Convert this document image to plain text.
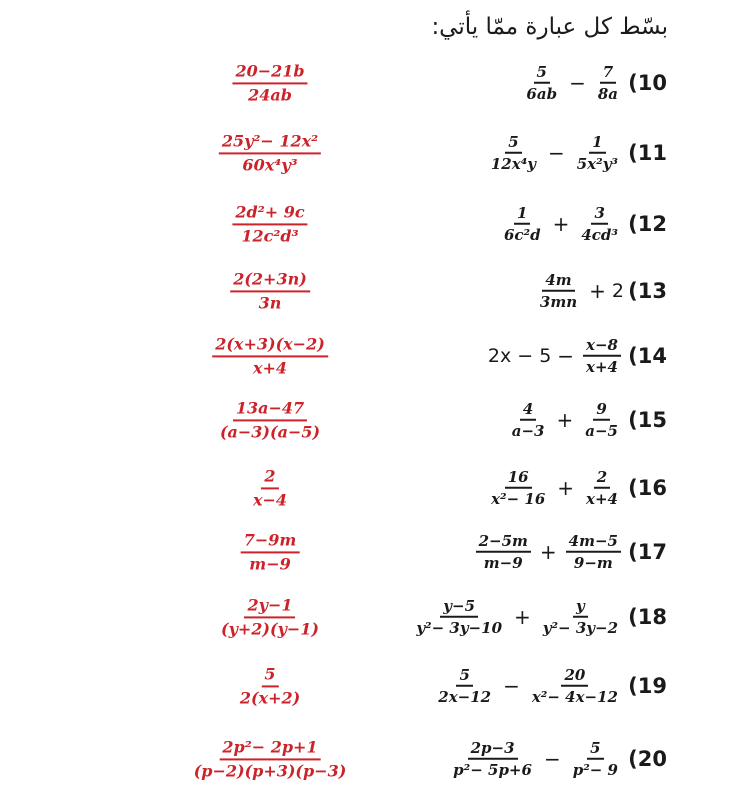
بسّط كل عبارة ممّا يأتي:
$\frac{20-21b}{24ab}$	$\frac{5}{6ab} - \frac{7}{8a} (10$
$\frac{\text{25y²− 12x²}}{\text{60x⁴y³}}$	$\frac{5}{\text{12x⁴y}} - \frac{1}{\text{5x²y³}} (11$
$\frac{\text{2d²+ 9c}}{\text{12c²d³}}$	$\frac{1}{\text{6c²d}} + \frac{3}{\text{4cd³}} (12$
$\frac{2(2+3n)}{3n}$	$\frac{4m}{3mn} + 2$ (13
$\frac{2(x+3)(x-2)}{x+4}$	$2x - 5 - \frac{x-8}{x+4} (14$
$\frac{13a-47}{(a-3)(a-5)}$	$\frac{4}{a-3} + \frac{9}{a-5} (15$
$\frac{2}{x-4}$	$\frac{16}{\text{x²− 16}} + \frac{2}{x+4} (16$
$\frac{7-9m}{m-9}$	$\frac{2-5m}{m-9} + \frac{4m-5}{9-m} (17$
$\frac{2y-1}{(y+2)(y-1)}$	$\frac{y-5}{\text{y²− 3y−10}} + \frac{y}{\text{y²− 3y−2}} (18$
$\frac{5}{2(x+2)}$	$\frac{5}{2x-12} - \frac{20}{\text{x²− 4x−12}} (19$
$\frac{\text{2p²− 2p+1}}{(p-2)(p+3)(p-3)}$	$\frac{2p-3}{\text{p²− 5p+6}} - \frac{5}{\text{p²− 9}} (20$
